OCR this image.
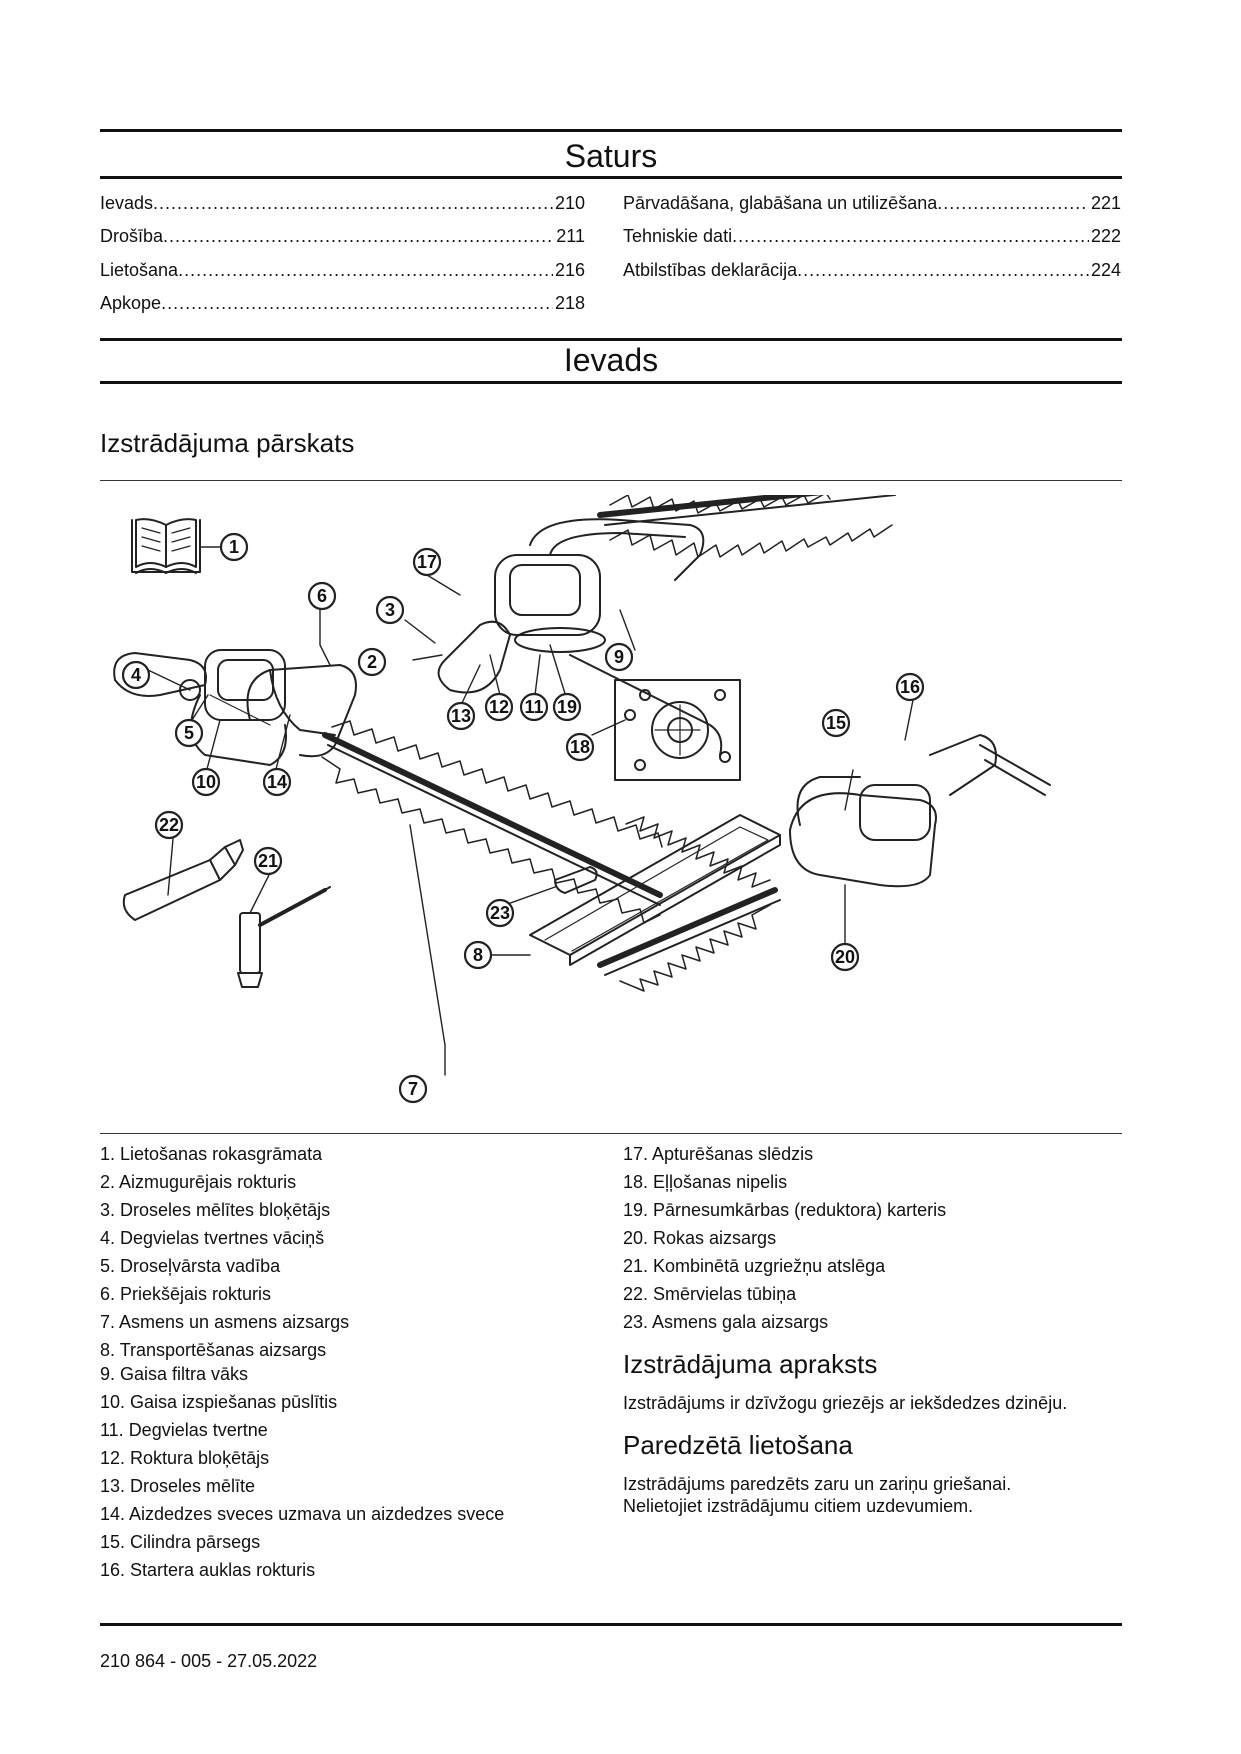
Saturs
Ievads .....	210
Drošība .....	211
Lietošana .....	216
Apkope .....	218
Pārvadāšana, glabāšana un utilizēšana .....	221
Tehniskie dati .....	222
Atbilstības deklarācija .....	224
Ievads
Izstrādājuma pārskats
1
2
3
4
5
6
7
8
9
10
11
12
13
14
15
16
17
18
19
20
21
22
23
1. Lietošanas rokasgrāmata
2. Aizmugurējais rokturis
3. Droseles mēlītes bloķētājs
4. Degvielas tvertnes vāciņš
5. Droseļvārsta vadība
6. Priekšējais rokturis
7. Asmens un asmens aizsargs
8. Transportēšanas aizsargs
9. Gaisa filtra vāks
10. Gaisa izspiešanas pūslītis
11. Degvielas tvertne
12. Roktura bloķētājs
13. Droseles mēlīte
14. Aizdedzes sveces uzmava un aizdedzes svece
15. Cilindra pārsegs
16. Startera auklas rokturis
17. Apturēšanas slēdzis
18. Eļļošanas nipelis
19. Pārnesumkārbas (reduktora) karteris
20. Rokas aizsargs
21. Kombinētā uzgriežņu atslēga
22. Smērvielas tūbiņa
23. Asmens gala aizsargs
Izstrādājuma apraksts

Izstrādājums ir dzīvžogu griezējs ar iekšdedzes dzinēju.

Paredzētā lietošana

Izstrādājums paredzēts zaru un zariņu griešanai.

Nelietojiet izstrādājumu citiem uzdevumiem.

210 864 - 005 - 27.05.2022
